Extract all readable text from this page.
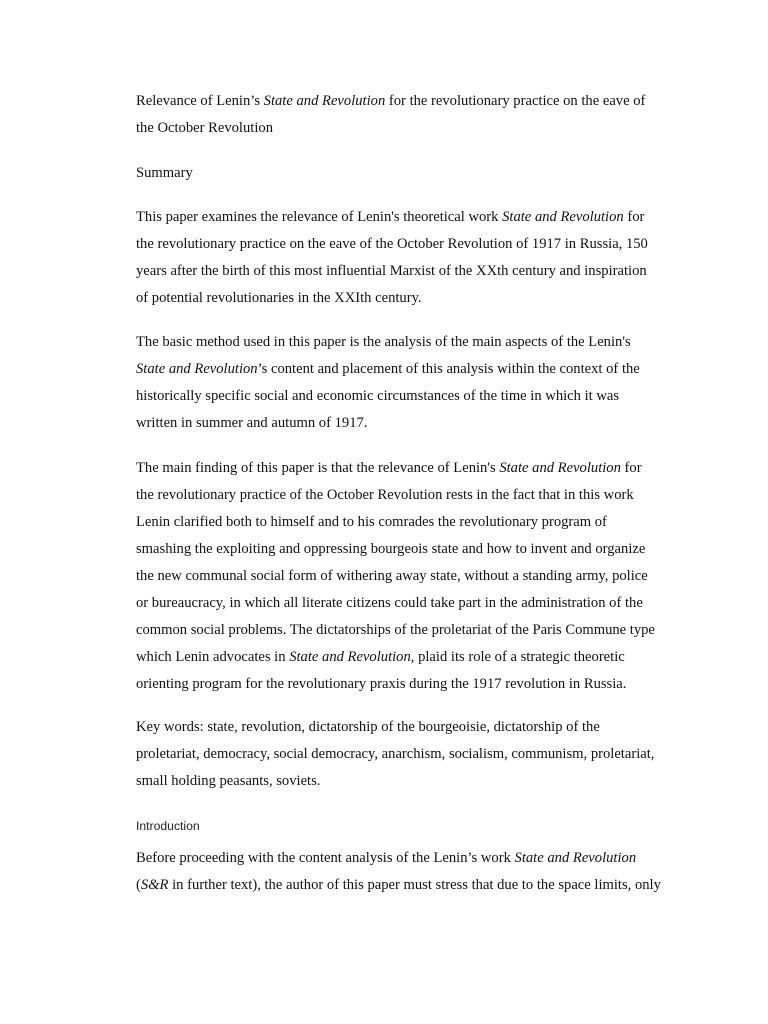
Relevance of Lenin’s State and Revolution for the revolutionary practice on the eave of
the October Revolution
Summary
This paper examines the relevance of Lenin's theoretical work State and Revolution for
the revolutionary practice on the eave of the October Revolution of 1917 in Russia, 150
years after the birth of this most influential Marxist of the XXth century and inspiration
of potential revolutionaries in the XXIth century.
The basic method used in this paper is the analysis of the main aspects of the Lenin's
State and Revolution’s content and placement of this analysis within the context of the
historically specific social and economic circumstances of the time in which it was
written in summer and autumn of 1917.
The main finding of this paper is that the relevance of Lenin's State and Revolution for
the revolutionary practice of the October Revolution rests in the fact that in this work
Lenin clarified both to himself and to his comrades the revolutionary program of
smashing the exploiting and oppressing bourgeois state and how to invent and organize
the new communal social form of withering away state, without a standing army, police
or bureaucracy, in which all literate citizens could take part in the administration of the
common social problems. The dictatorships of the proletariat of the Paris Commune type
which Lenin advocates in State and Revolution, plaid its role of a strategic theoretic
orienting program for the revolutionary praxis during the 1917 revolution in Russia.
Key words: state, revolution, dictatorship of the bourgeoisie, dictatorship of the
proletariat, democracy, social democracy, anarchism, socialism, communism, proletariat,
small holding peasants, soviets.
Introduction
Before proceeding with the content analysis of the Lenin’s work State and Revolution
(S&R in further text), the author of this paper must stress that due to the space limits, only
